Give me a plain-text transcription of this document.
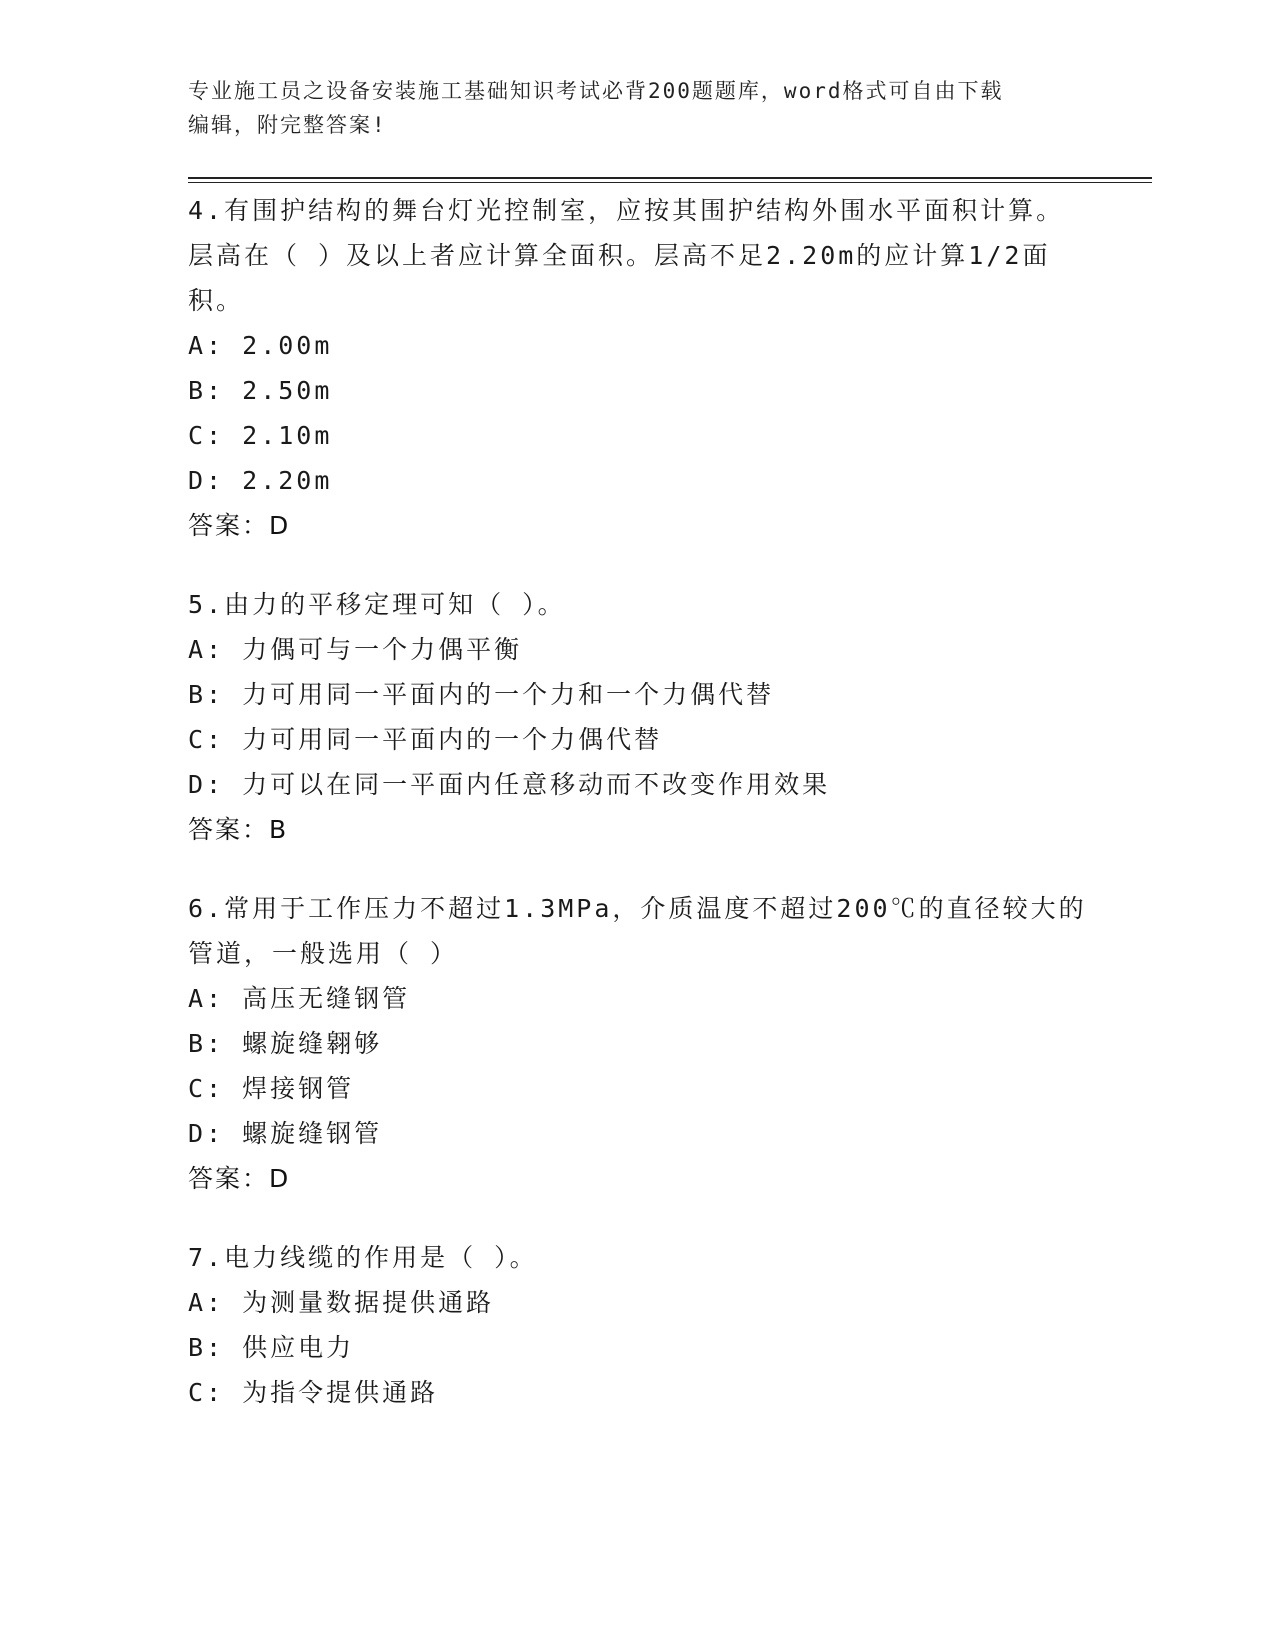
专业施工员之设备安装施工基础知识考试必背200题题库，word格式可自由下载
编辑，附完整答案!

4.有围护结构的舞台灯光控制室，应按其围护结构外围水平面积计算。层高在（ ）及以上者应计算全面积。层高不足2.20m的应计算1/2面积。

A: 2.00m
B: 2.50m
C: 2.10m
D: 2.20m
答案：D

5.由力的平移定理可知（ ）。

A: 力偶可与一个力偶平衡
B: 力可用同一平面内的一个力和一个力偶代替
C: 力可用同一平面内的一个力偶代替
D: 力可以在同一平面内任意移动而不改变作用效果
答案：B

6.常用于工作压力不超过1.3MPa，介质温度不超过200℃的直径较大的管道，一般选用（ ）

A: 高压无缝钢管
B: 螺旋缝翱够
C: 焊接钢管
D: 螺旋缝钢管
答案：D

7.电力线缆的作用是（ ）。

A: 为测量数据提供通路
B: 供应电力
C: 为指令提供通路
